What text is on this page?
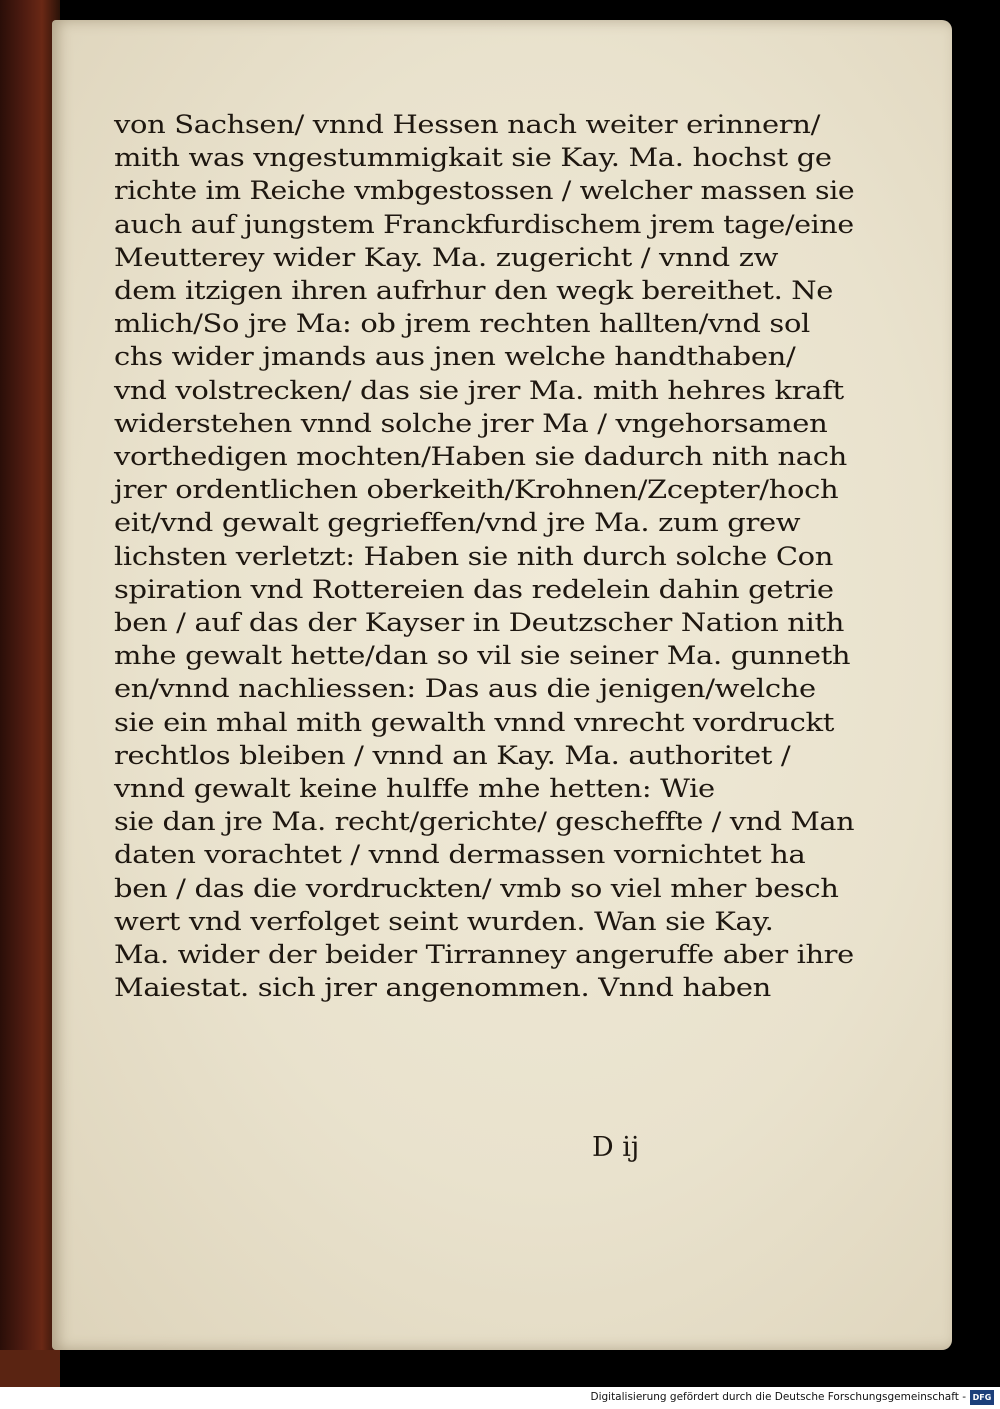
von Sachsen/ vnnd Hessen nach weiter erinnern/
mith was vngestummigkait sie Kay. Ma. hochst ge
richte im Reiche vmbgestossen / welcher massen sie
auch auf jungstem Franckfurdischem jrem tage/eine
Meutterey wider Kay. Ma. zugericht / vnnd zw
dem itzigen ihren aufrhur den wegk bereithet. Ne
mlich/So jre Ma: ob jrem rechten hallten/vnd sol
chs wider jmands aus jnen welche handthaben/
vnd volstrecken/ das sie jrer Ma. mith hehres kraft
widerstehen vnnd solche jrer Ma / vngehorsamen
vorthedigen mochten/Haben sie dadurch nith nach
jrer ordentlichen oberkeith/Krohnen/Zcepter/hoch
eit/vnd gewalt gegrieffen/vnd jre Ma. zum grew
lichsten verletzt: Haben sie nith durch solche Con
spiration vnd Rottereien das redelein dahin getrie
ben / auf das der Kayser in Deutzscher Nation nith
mhe gewalt hette/dan so vil sie seiner Ma. gunneth
en/vnnd nachliessen: Das aus die jenigen/welche
sie ein mhal mith gewalth vnnd vnrecht vordruckt
rechtlos bleiben / vnnd an Kay. Ma. authoritet /
vnnd gewalt keine hulffe mhe hetten: Wie
sie dan jre Ma. recht/gerichte/ gescheffte / vnd Man
daten vorachtet / vnnd dermassen vornichtet ha
ben / das die vordruckten/ vmb so viel mher besch
wert vnd verfolget seint wurden. Wan sie Kay.
Ma. wider der beider Tirranney angeruffe aber ihre
Maiestat. sich jrer angenommen. Vnnd haben
D ij
Digitalisierung gefördert durch die Deutsche Forschungsgemeinschaft - DFG
